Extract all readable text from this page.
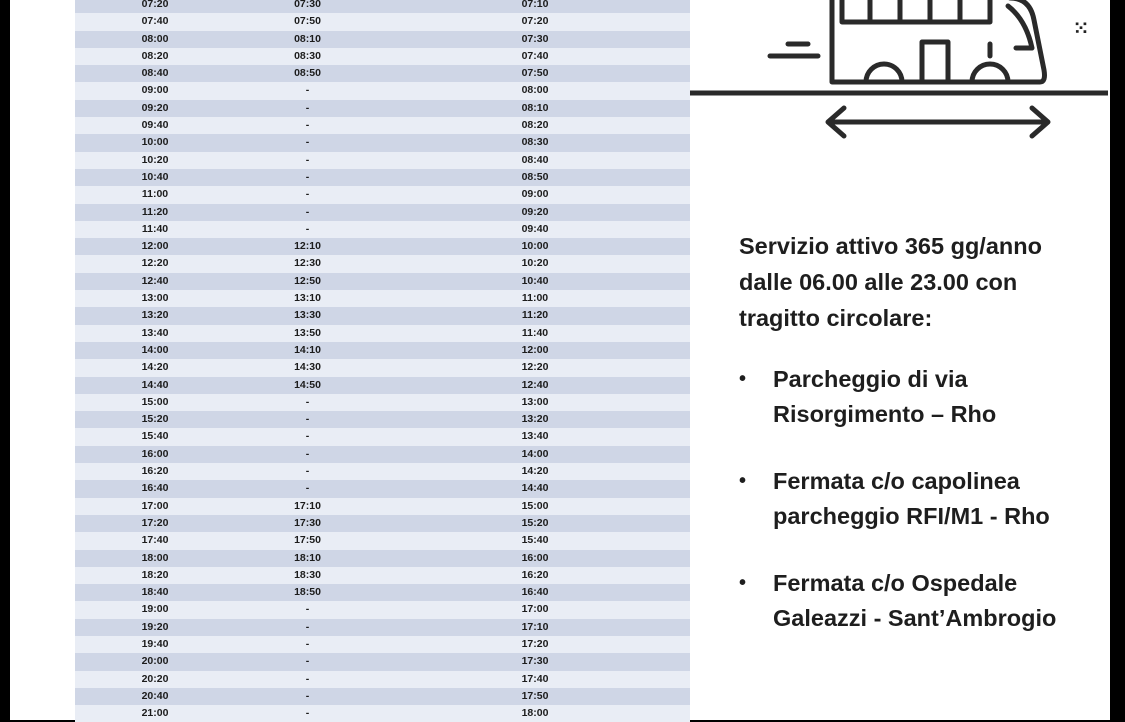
07:20	07:30	07:10
07:40	07:50	07:20
08:00	08:10	07:30
08:20	08:30	07:40
08:40	08:50	07:50
09:00	-	08:00
09:20	-	08:10
09:40	-	08:20
10:00	-	08:30
10:20	-	08:40
10:40	-	08:50
11:00	-	09:00
11:20	-	09:20
11:40	-	09:40
12:00	12:10	10:00
12:20	12:30	10:20
12:40	12:50	10:40
13:00	13:10	11:00
13:20	13:30	11:20
13:40	13:50	11:40
14:00	14:10	12:00
14:20	14:30	12:20
14:40	14:50	12:40
15:00	-	13:00
15:20	-	13:20
15:40	-	13:40
16:00	-	14:00
16:20	-	14:20
16:40	-	14:40
17:00	17:10	15:00
17:20	17:30	15:20
17:40	17:50	15:40
18:00	18:10	16:00
18:20	18:30	16:20
18:40	18:50	16:40
19:00	-	17:00
19:20	-	17:10
19:40	-	17:20
20:00	-	17:30
20:20	-	17:40
20:40	-	17:50
21:00	-	18:00
⁙

Servizio attivo 365 gg/anno
dalle 06.00 alle 23.00 con
tragitto circolare:

• Parcheggio di via
Risorgimento – Rho
• Fermata c/o capolinea
parcheggio RFI/M1 - Rho
• Fermata c/o Ospedale
Galeazzi - Sant’Ambrogio
